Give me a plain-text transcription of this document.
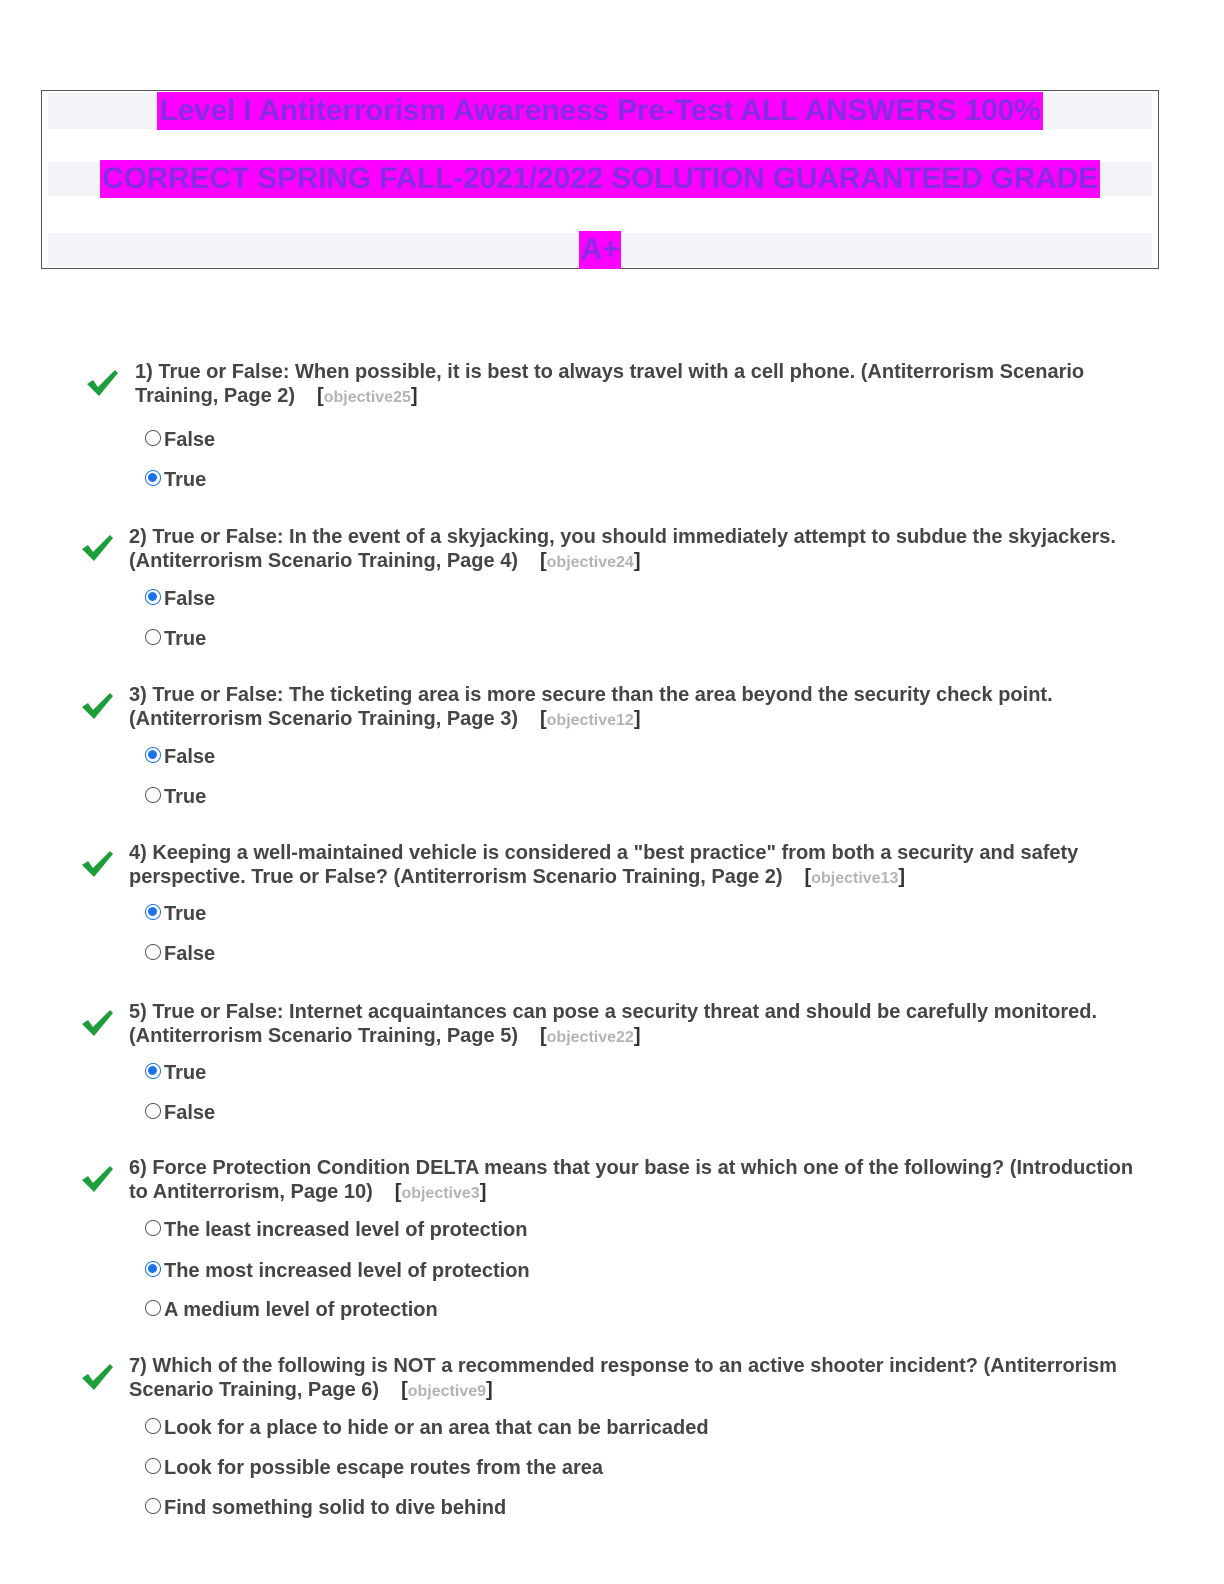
Level I Antiterrorism Awareness Pre-Test ALL ANSWERS 100%
CORRECT SPRING FALL-2021/2022 SOLUTION GUARANTEED GRADE
A+
1) True or False: When possible, it is best to always travel with a cell phone. (Antiterrorism Scenario Training, Page 2) [objective25]
False
True
2) True or False: In the event of a skyjacking, you should immediately attempt to subdue the skyjackers. (Antiterrorism Scenario Training, Page 4) [objective24]
False
True
3) True or False: The ticketing area is more secure than the area beyond the security check point. (Antiterrorism Scenario Training, Page 3) [objective12]
False
True
4) Keeping a well-maintained vehicle is considered a "best practice" from both a security and safety perspective. True or False? (Antiterrorism Scenario Training, Page 2) [objective13]
True
False
5) True or False: Internet acquaintances can pose a security threat and should be carefully monitored. (Antiterrorism Scenario Training, Page 5) [objective22]
True
False
6) Force Protection Condition DELTA means that your base is at which one of the following? (Introduction to Antiterrorism, Page 10) [objective3]
The least increased level of protection
The most increased level of protection
A medium level of protection
7) Which of the following is NOT a recommended response to an active shooter incident? (Antiterrorism Scenario Training, Page 6) [objective9]
Look for a place to hide or an area that can be barricaded
Look for possible escape routes from the area
Find something solid to dive behind
